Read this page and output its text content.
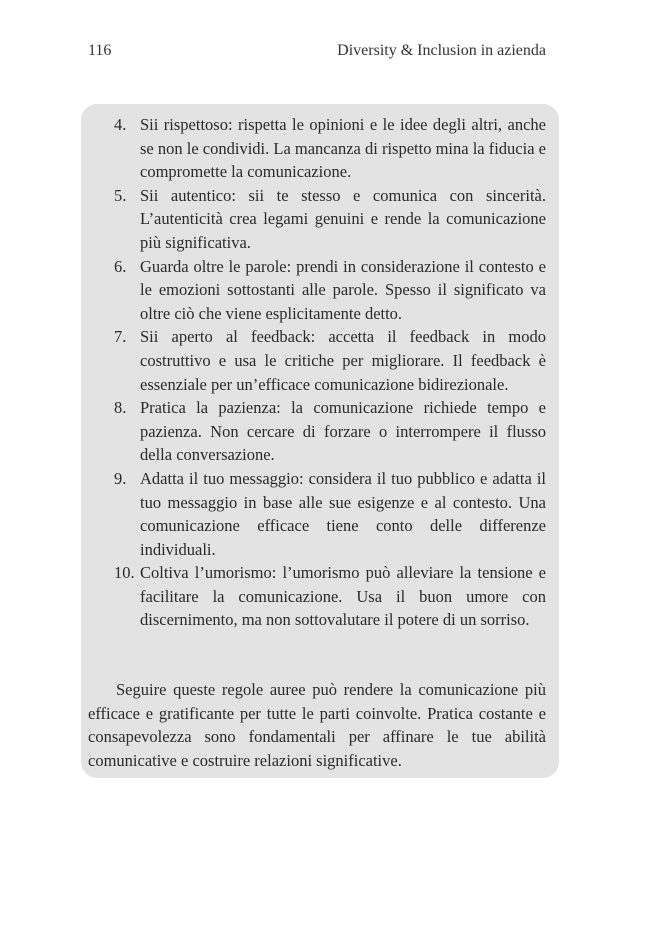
116	Diversity & Inclusion in azienda
4. Sii rispettoso: rispetta le opinioni e le idee degli altri, anche se non le condividi. La mancanza di rispetto mina la fiducia e compromette la comunicazione.
5. Sii autentico: sii te stesso e comunica con sincerità. L’autenticità crea legami genuini e rende la comunicazione più significativa.
6. Guarda oltre le parole: prendi in considerazione il contesto e le emozioni sottostanti alle parole. Spesso il significato va oltre ciò che viene esplicitamente detto.
7. Sii aperto al feedback: accetta il feedback in modo costruttivo e usa le critiche per migliorare. Il feedback è essenziale per un’efficace comunicazione bidirezionale.
8. Pratica la pazienza: la comunicazione richiede tempo e pazienza. Non cercare di forzare o interrompere il flusso della conversazione.
9. Adatta il tuo messaggio: considera il tuo pubblico e adatta il tuo messaggio in base alle sue esigenze e al contesto. Una comunicazione efficace tiene conto delle differenze individuali.
10. Coltiva l’umorismo: l’umorismo può alleviare la tensione e facilitare la comunicazione. Usa il buon umore con discernimento, ma non sottovalutare il potere di un sorriso.

Seguire queste regole auree può rendere la comunicazione più efficace e gratificante per tutte le parti coinvolte. Pratica costante e consapevolezza sono fondamentali per affinare le tue abilità comunicative e costruire relazioni significative.
